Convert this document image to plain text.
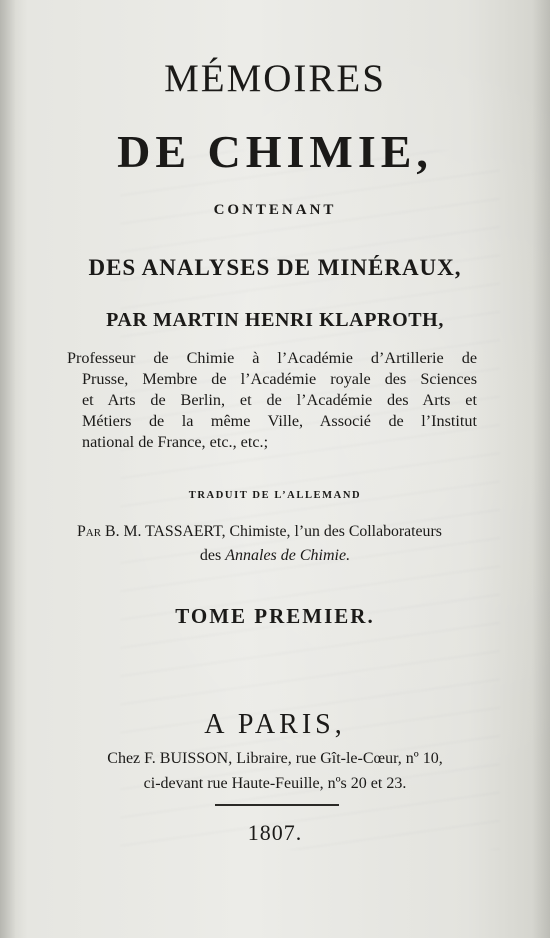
MÉMOIRES
DE CHIMIE,
CONTENANT
DES ANALYSES DE MINÉRAUX,
PAR MARTIN HENRI KLAPROTH,
Professeur de Chimie à l’Académie d’Artillerie de
Prusse, Membre de l’Académie royale des Sciences
et Arts de Berlin, et de l’Académie des Arts et
Métiers de la même Ville, Associé de l’Institut
national de France, etc., etc.;
TRADUIT DE L’ALLEMAND
Par B. M. TASSAERT, Chimiste, l’un des Collaborateurs
des Annales de Chimie.
TOME PREMIER.
A PARIS,
Chez F. BUISSON, Libraire, rue Gît-le-Cœur, nº 10,
ci-devant rue Haute-Feuille, nºs 20 et 23.
1807.
